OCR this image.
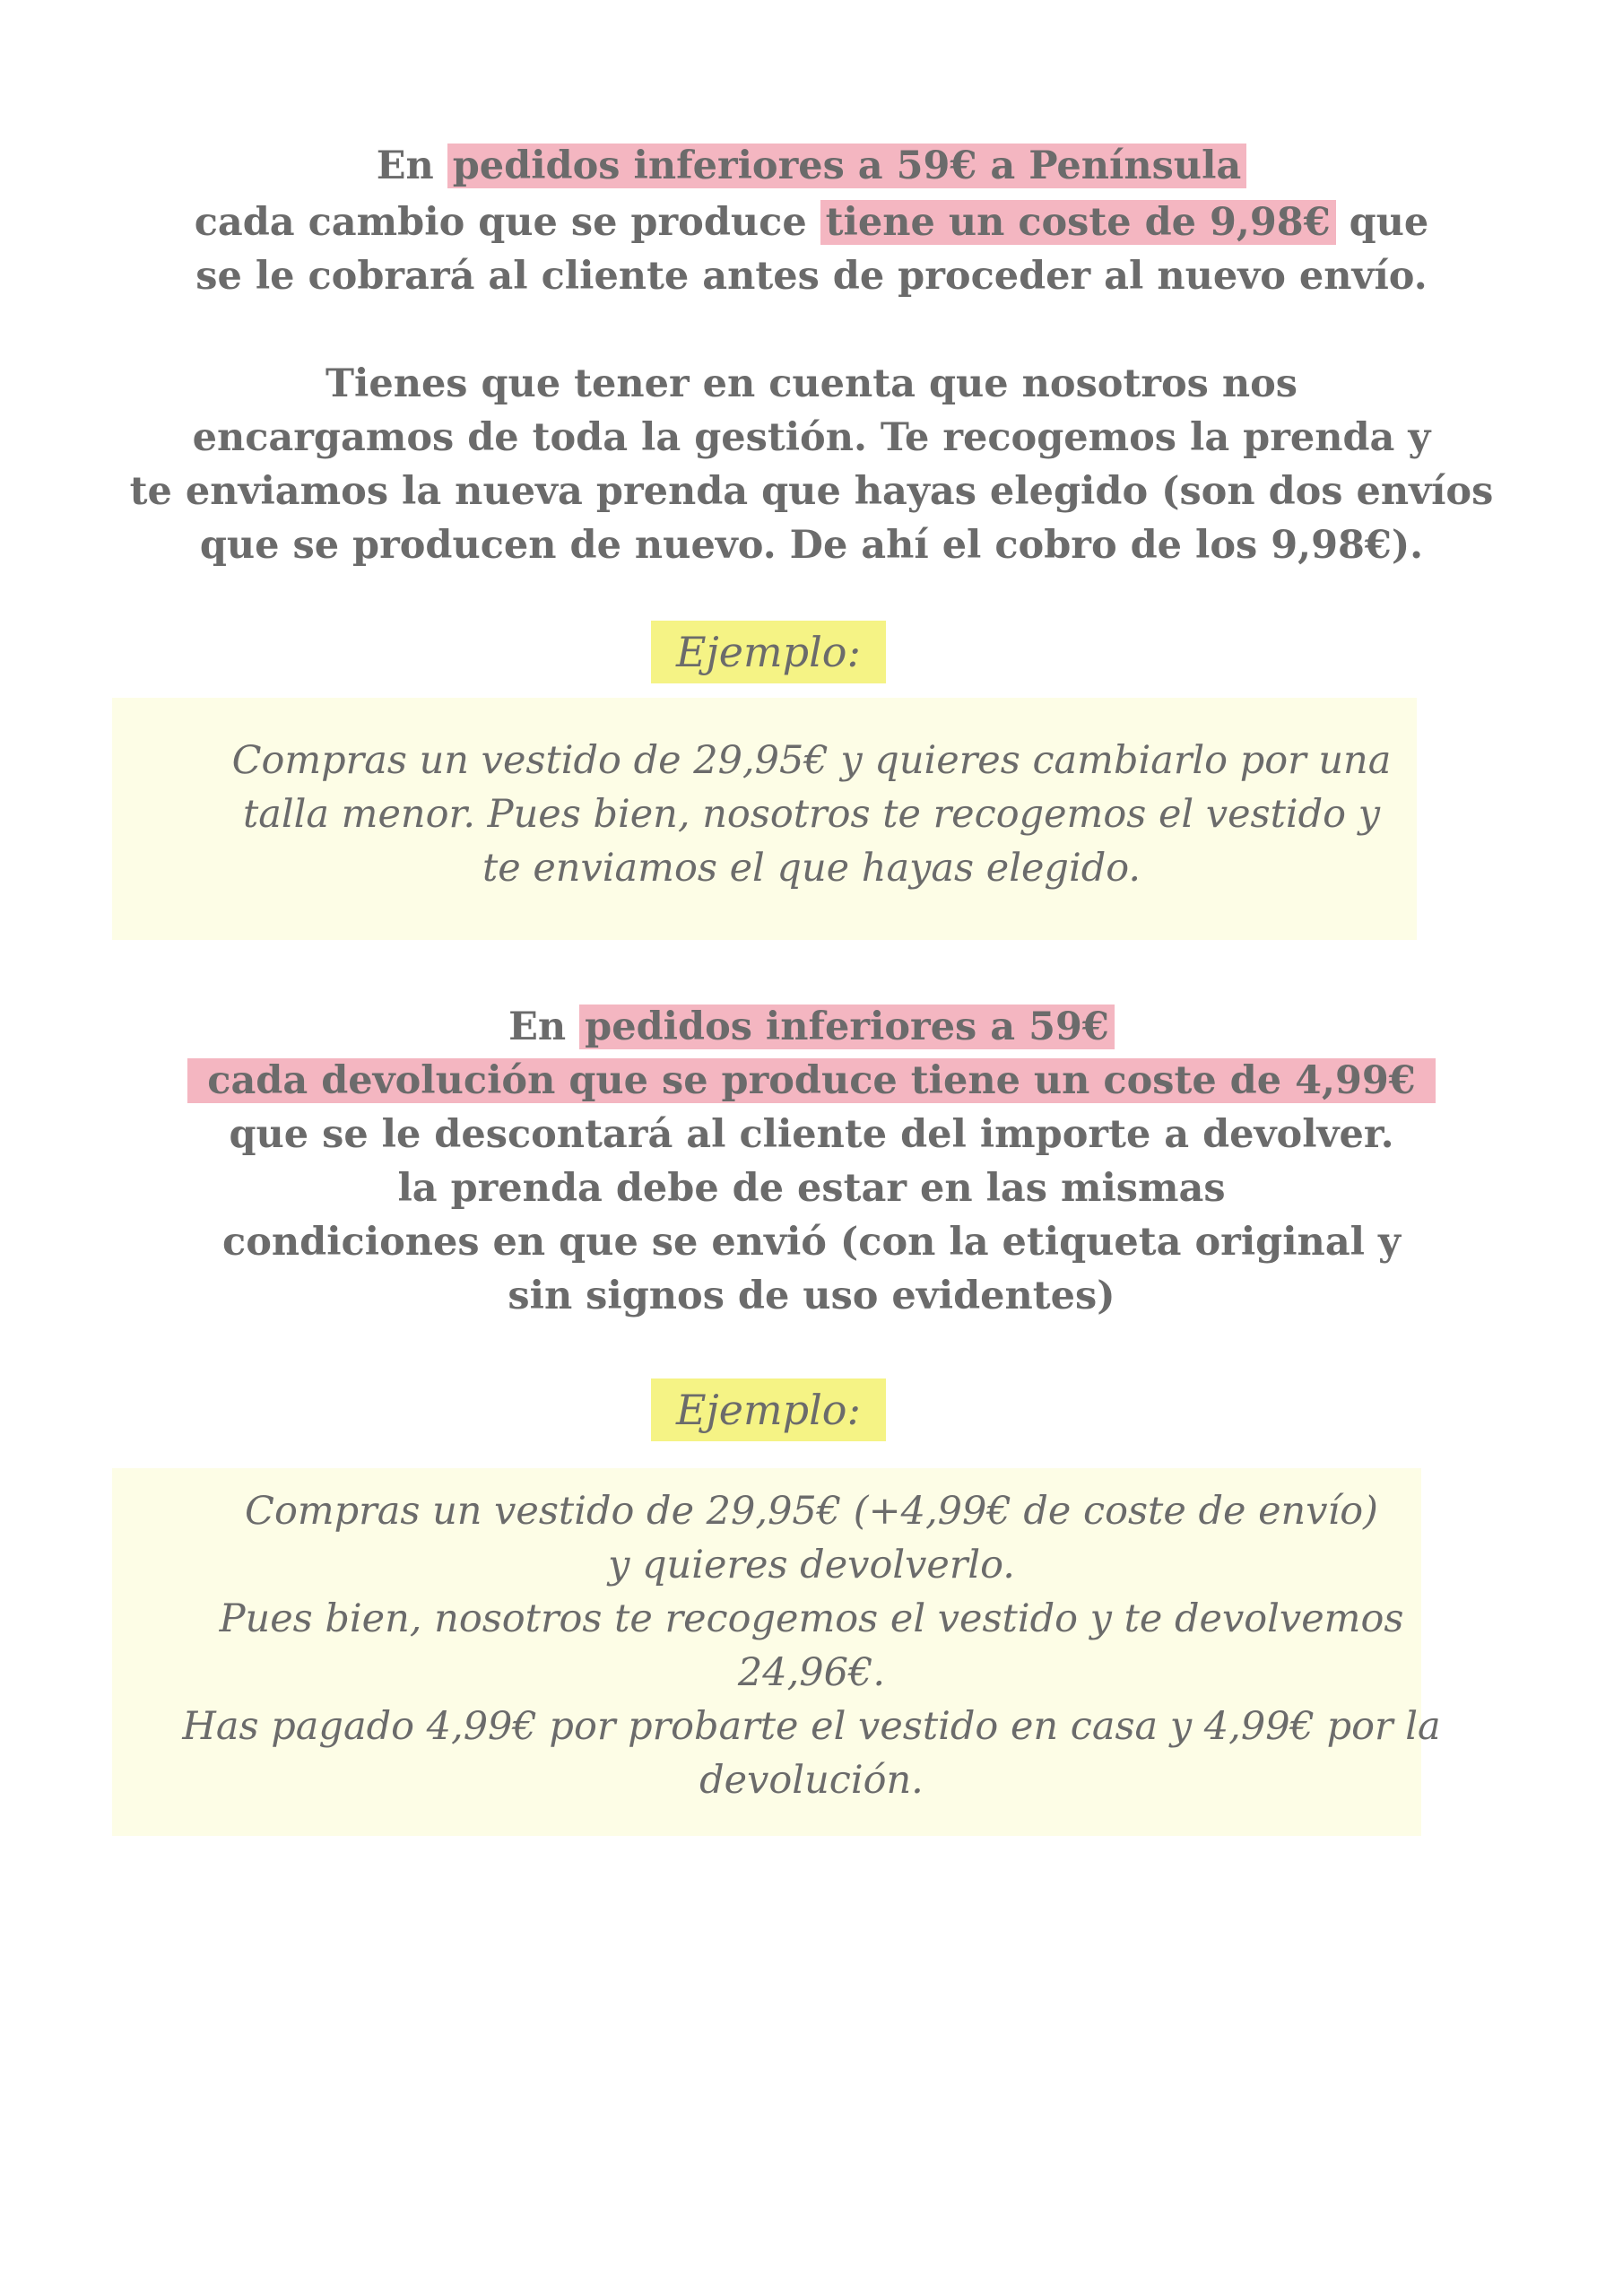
En pedidos inferiores a 59€ a Península
cada cambio que se produce tiene un coste de 9,98€ que
se le cobrará al cliente antes de proceder al nuevo envío.
Tienes que tener en cuenta que nosotros nos
encargamos de toda la gestión. Te recogemos la prenda y
te enviamos la nueva prenda que hayas elegido (son dos envíos
que se producen de nuevo. De ahí el cobro de los 9,98€).
Ejemplo:
Compras un vestido de 29,95€ y quieres cambiarlo por una
talla menor. Pues bien, nosotros te recogemos el vestido y
te enviamos el que hayas elegido.
En pedidos inferiores a 59€
cada devolución que se produce tiene un coste de 4,99€
que se le descontará al cliente del importe a devolver.
la prenda debe de estar en las mismas
condiciones en que se envió (con la etiqueta original y
sin signos de uso evidentes)
Ejemplo:
Compras un vestido de 29,95€ (+4,99€ de coste de envío)
y quieres devolverlo.
Pues bien, nosotros te recogemos el vestido y te devolvemos
24,96€.
Has pagado 4,99€ por probarte el vestido en casa y 4,99€ por la
devolución.
